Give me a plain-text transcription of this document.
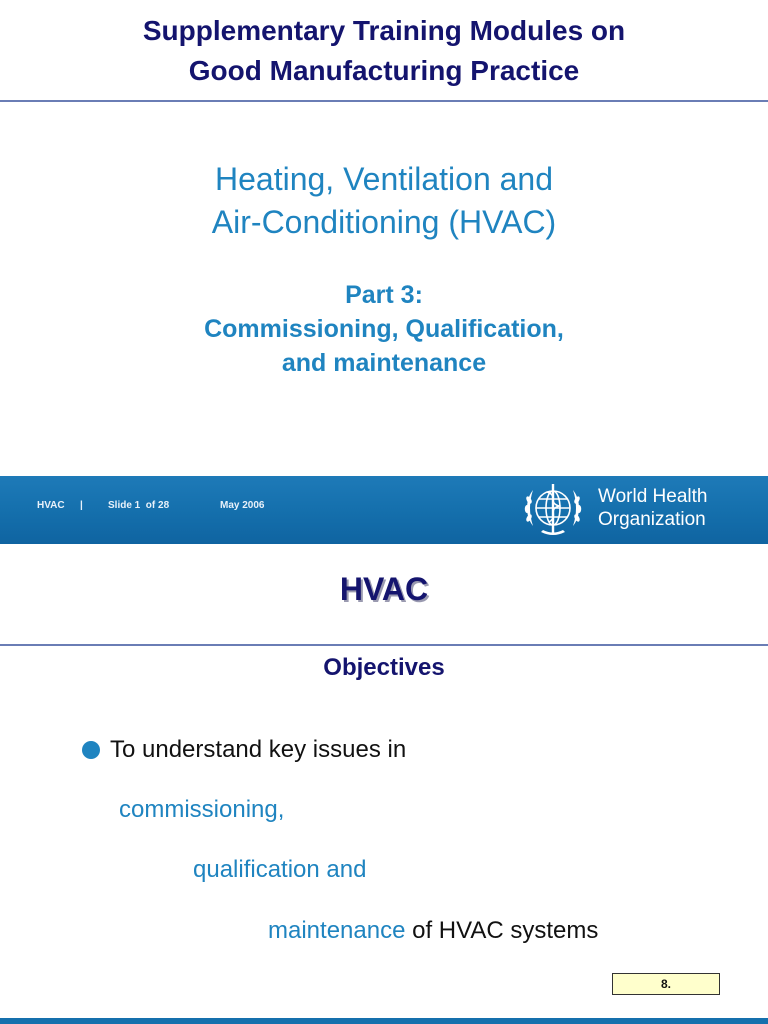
Supplementary Training Modules on
Good Manufacturing Practice
Heating, Ventilation and
Air-Conditioning (HVAC)
Part 3:
Commissioning, Qualification,
and maintenance
HVAC |	Slide 1  of 28	May 2006	World Health
Organization
HVAC
Objectives
To understand key issues in
commissioning,
qualification and
maintenance of HVAC systems
8.
